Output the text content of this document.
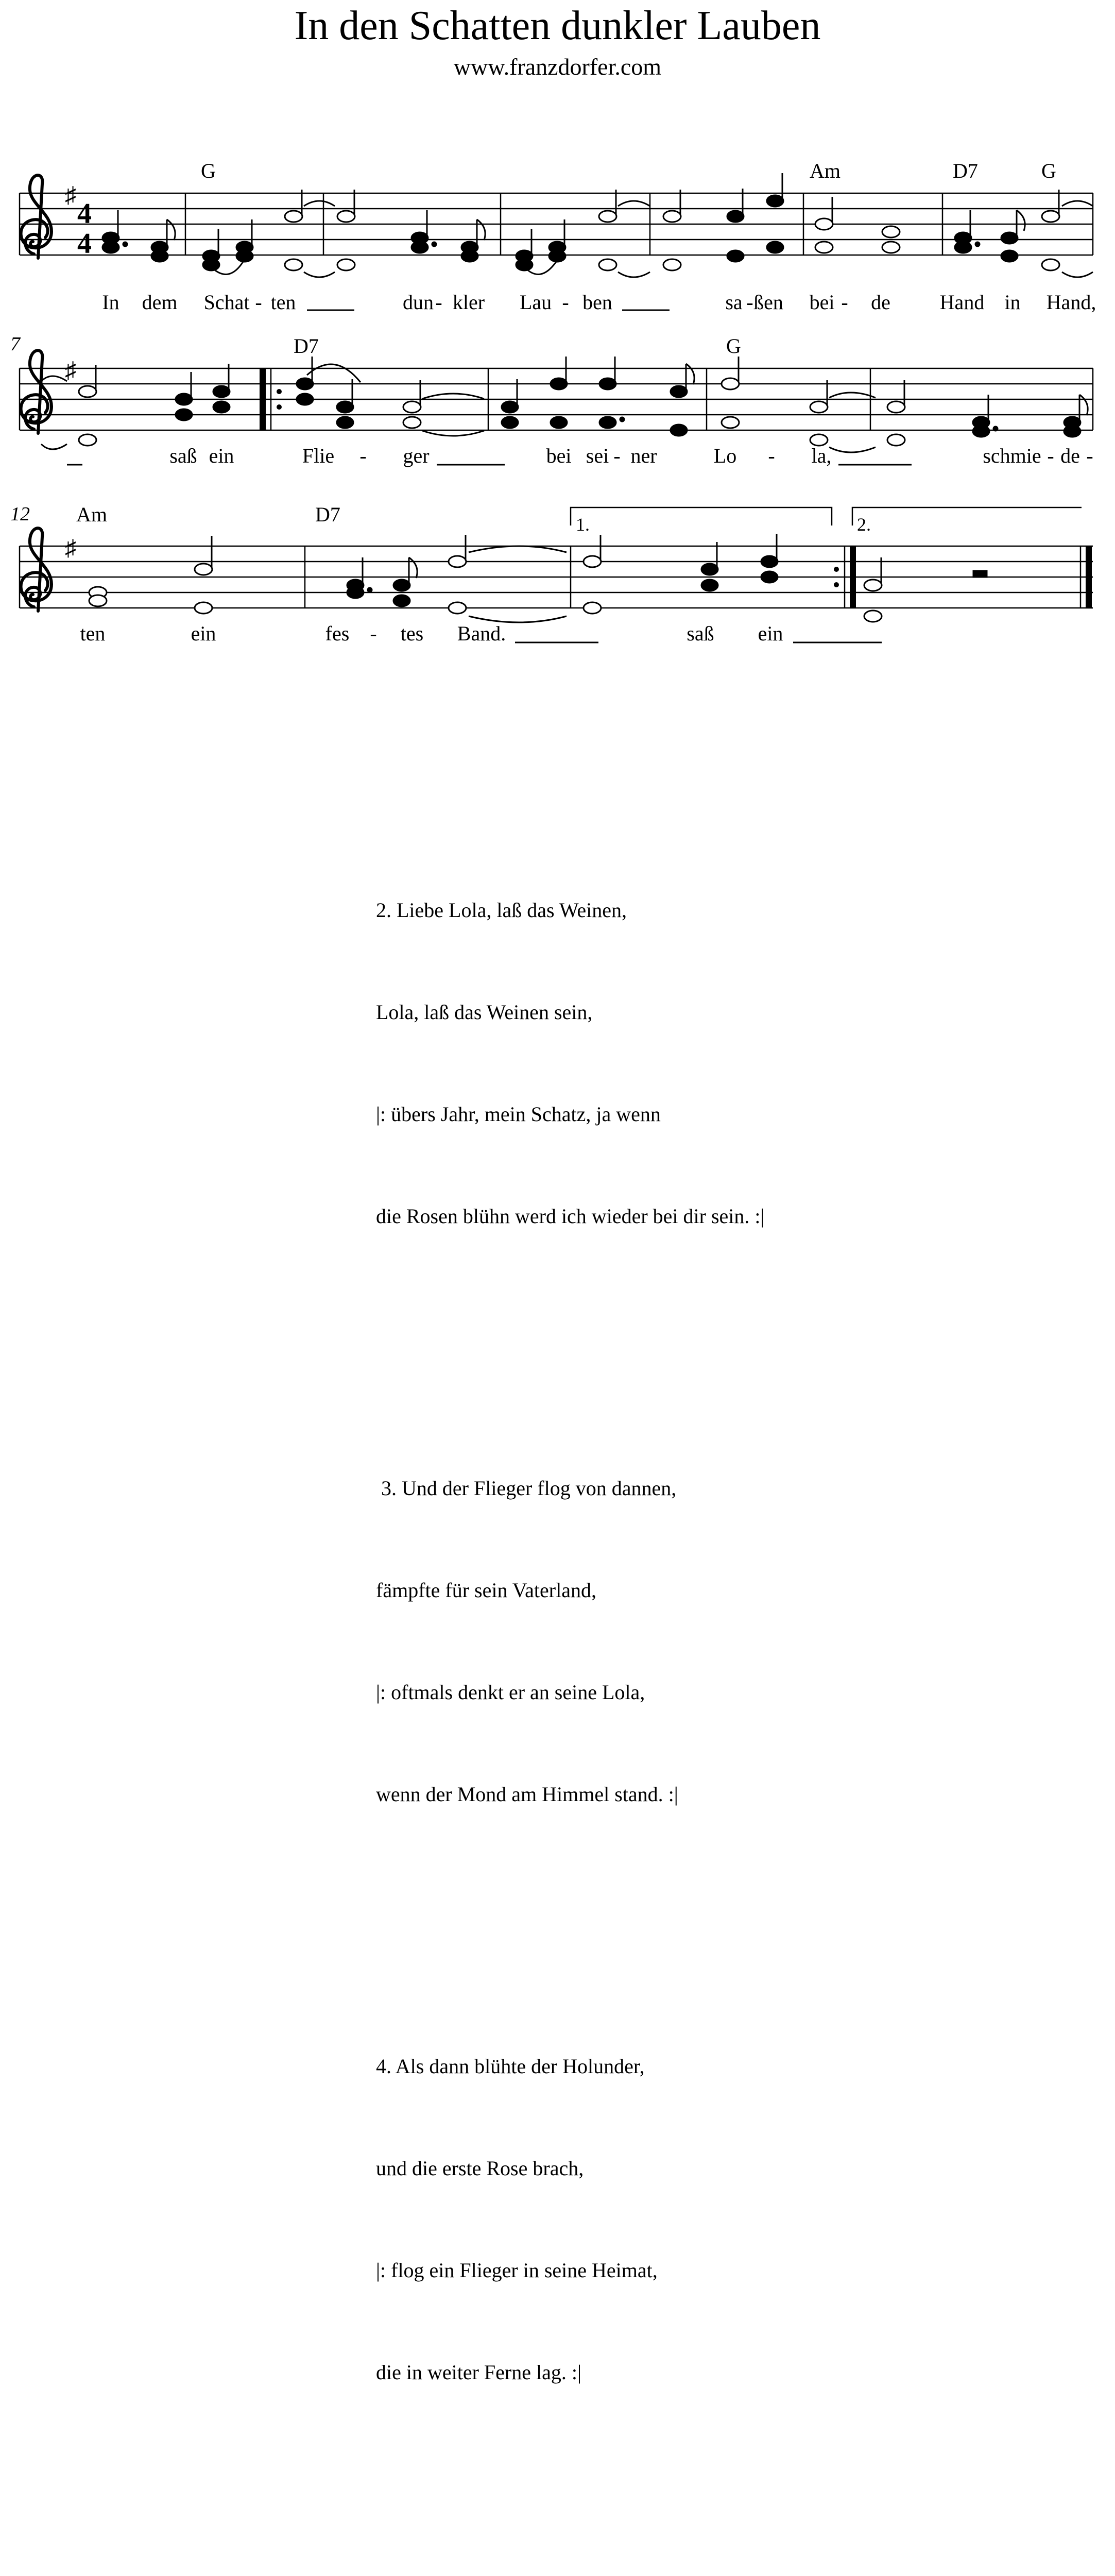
In den Schatten dunkler Lauben
www.franzdorfer.com
♯
4
4
G	Am	D7	G
In dem Schat - ten	dun - kler Lau - ben	sa - ßen bei - de Hand in Hand,
7
♯
D7	G
saß ein	Flie - ger	bei sei - ner	Lo - la,	schmie - de -
12
♯
1.	2.
Am	D7
ten	ein	fes - tes Band.	saß ein

2. Liebe Lola, laß das Weinen,

Lola, laß das Weinen sein,

|: übers Jahr, mein Schatz, ja wenn

die Rosen blühn werd ich wieder bei dir sein. :|

3. Und der Flieger flog von dannen,

fämpfte für sein Vaterland,

|: oftmals denkt er an seine Lola,

wenn der Mond am Himmel stand. :|

4. Als dann blühte der Holunder,

und die erste Rose brach,

|: flog ein Flieger in seine Heimat,

die in weiter Ferne lag. :|
